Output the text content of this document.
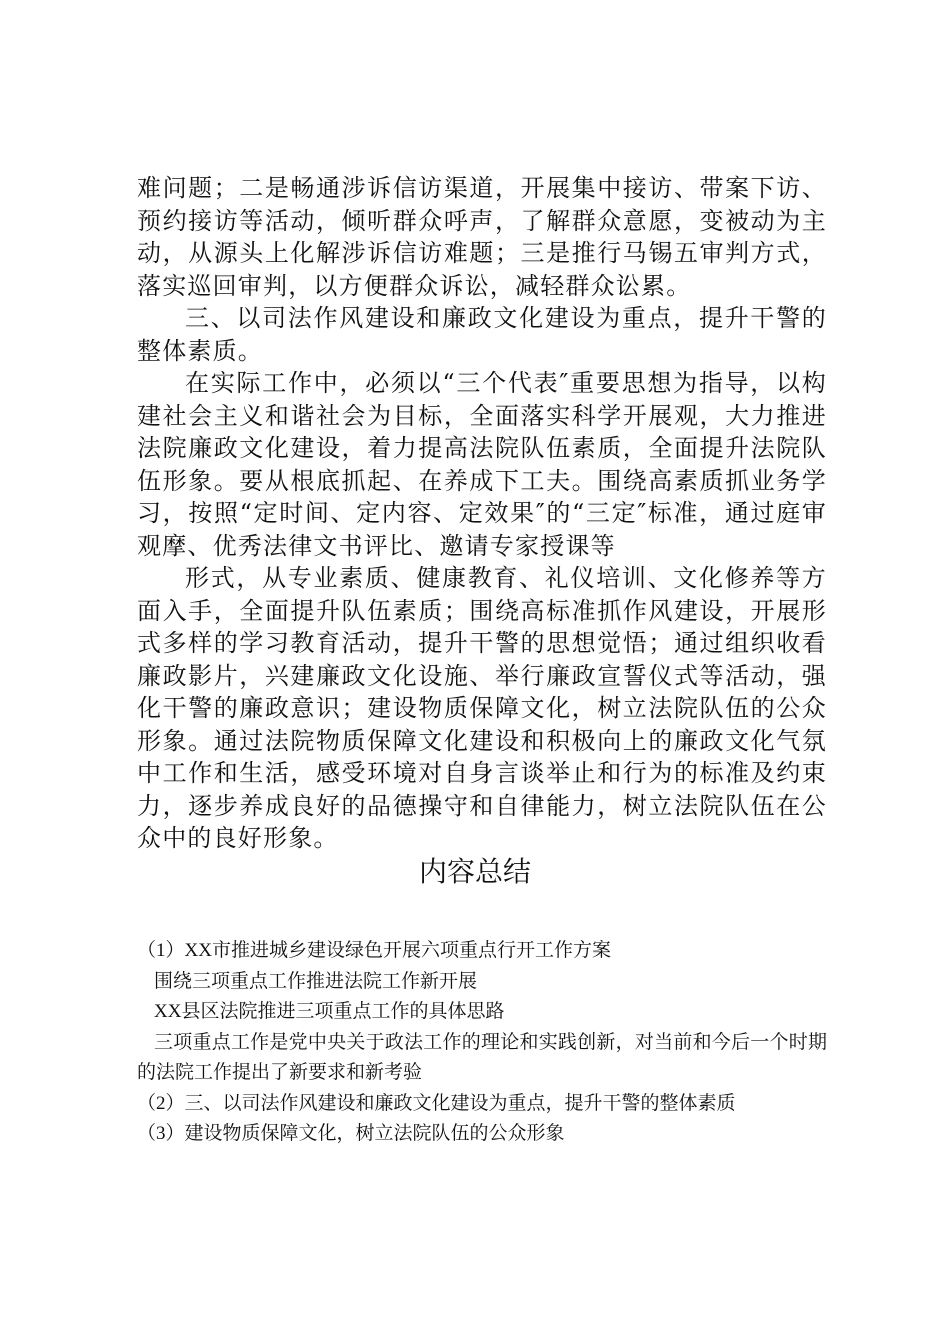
难问题；二是畅通涉诉信访渠道，开展集中接访、带案下访、预约接访等活动，倾听群众呼声，了解群众意愿，变被动为主动，从源头上化解涉诉信访难题；三是推行马锡五审判方式，落实巡回审判，以方便群众诉讼，减轻群众讼累。

三、以司法作风建设和廉政文化建设为重点，提升干警的整体素质。

在实际工作中，必须以“三个代表″重要思想为指导，以构建社会主义和谐社会为目标，全面落实科学开展观，大力推进法院廉政文化建设，着力提高法院队伍素质，全面提升法院队伍形象。要从根底抓起、在养成下工夫。围绕高素质抓业务学习，按照“定时间、定内容、定效果″的“三定″标准，通过庭审观摩、优秀法律文书评比、邀请专家授课等

形式，从专业素质、健康教育、礼仪培训、文化修养等方面入手，全面提升队伍素质；围绕高标准抓作风建设，开展形式多样的学习教育活动，提升干警的思想觉悟；通过组织收看廉政影片，兴建廉政文化设施、举行廉政宣誓仪式等活动，强化干警的廉政意识；建设物质保障文化，树立法院队伍的公众形象。通过法院物质保障文化建设和积极向上的廉政文化气氛中工作和生活，感受环境对自身言谈举止和行为的标准及约束力，逐步养成良好的品德操守和自律能力，树立法院队伍在公众中的良好形象。

内容总结

（1）XX市推进城乡建设绿色开展六项重点行开工作方案

围绕三项重点工作推进法院工作新开展

XX县区法院推进三项重点工作的具体思路

三项重点工作是党中央关于政法工作的理论和实践创新，对当前和今后一个时期的法院工作提出了新要求和新考验

（2）三、以司法作风建设和廉政文化建设为重点，提升干警的整体素质

（3）建设物质保障文化，树立法院队伍的公众形象
